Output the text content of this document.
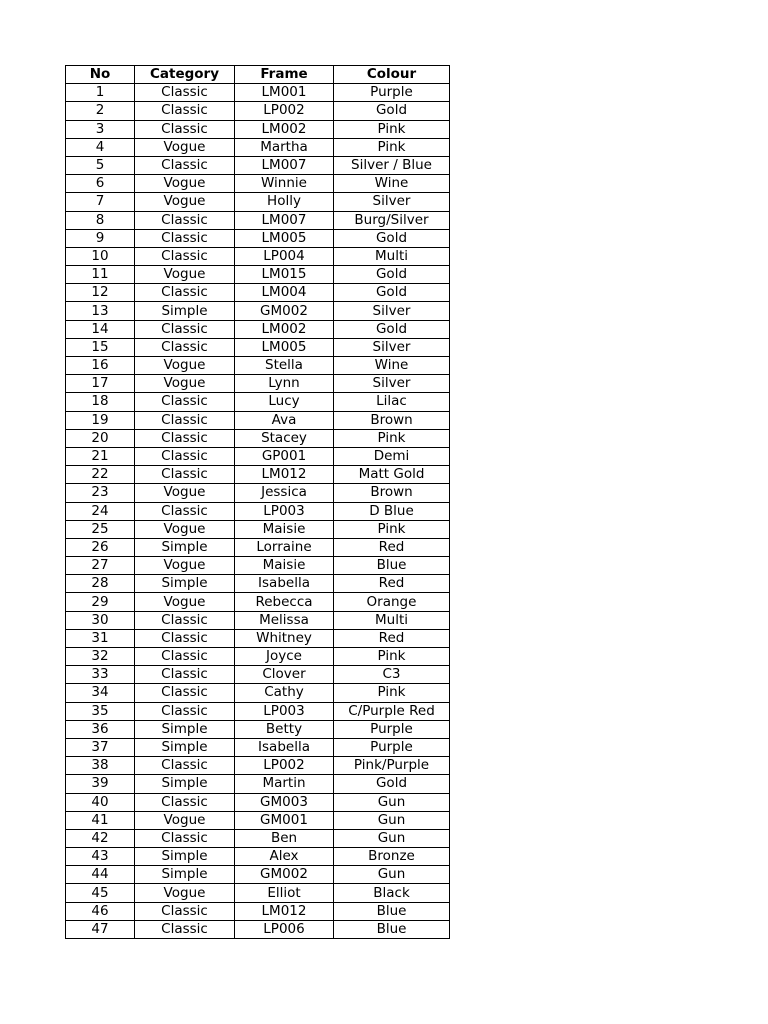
No	Category	Frame	Colour
1	Classic	LM001	Purple
2	Classic	LP002	Gold
3	Classic	LM002	Pink
4	Vogue	Martha	Pink
5	Classic	LM007	Silver / Blue
6	Vogue	Winnie	Wine
7	Vogue	Holly	Silver
8	Classic	LM007	Burg/Silver
9	Classic	LM005	Gold
10	Classic	LP004	Multi
11	Vogue	LM015	Gold
12	Classic	LM004	Gold
13	Simple	GM002	Silver
14	Classic	LM002	Gold
15	Classic	LM005	Silver
16	Vogue	Stella	Wine
17	Vogue	Lynn	Silver
18	Classic	Lucy	Lilac
19	Classic	Ava	Brown
20	Classic	Stacey	Pink
21	Classic	GP001	Demi
22	Classic	LM012	Matt Gold
23	Vogue	Jessica	Brown
24	Classic	LP003	D Blue
25	Vogue	Maisie	Pink
26	Simple	Lorraine	Red
27	Vogue	Maisie	Blue
28	Simple	Isabella	Red
29	Vogue	Rebecca	Orange
30	Classic	Melissa	Multi
31	Classic	Whitney	Red
32	Classic	Joyce	Pink
33	Classic	Clover	C3
34	Classic	Cathy	Pink
35	Classic	LP003	C/Purple Red
36	Simple	Betty	Purple
37	Simple	Isabella	Purple
38	Classic	LP002	Pink/Purple
39	Simple	Martin	Gold
40	Classic	GM003	Gun
41	Vogue	GM001	Gun
42	Classic	Ben	Gun
43	Simple	Alex	Bronze
44	Simple	GM002	Gun
45	Vogue	Elliot	Black
46	Classic	LM012	Blue
47	Classic	LP006	Blue
